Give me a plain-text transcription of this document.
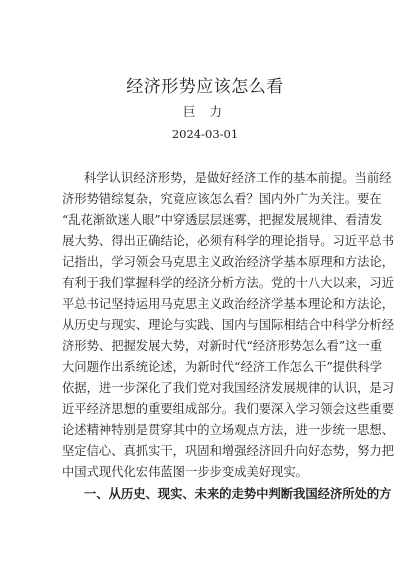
经济形势应该怎么看
巨 力
2024-03-01
科学认识经济形势，是做好经济工作的基本前提。当前经
济形势错综复杂，究竟应该怎么看？国内外广为关注。要在
“乱花渐欲迷人眼”中穿透层层迷雾，把握发展规律、看清发
展大势、得出正确结论，必须有科学的理论指导。习近平总书
记指出，学习领会马克思主义政治经济学基本原理和方法论，
有利于我们掌握科学的经济分析方法。党的十八大以来，习近
平总书记坚持运用马克思主义政治经济学基本理论和方法论，
从历史与现实、理论与实践、国内与国际相结合中科学分析经
济形势、把握发展大势，对新时代“经济形势怎么看”这一重
大问题作出系统论述，为新时代“经济工作怎么干”提供科学
依据，进一步深化了我们党对我国经济发展规律的认识，是习
近平经济思想的重要组成部分。我们要深入学习领会这些重要
论述精神特别是贯穿其中的立场观点方法，进一步统一思想、
坚定信心、真抓实干，巩固和增强经济回升向好态势，努力把
中国式现代化宏伟蓝图一步步变成美好现实。
一、从历史、现实、未来的走势中判断我国经济所处的方
